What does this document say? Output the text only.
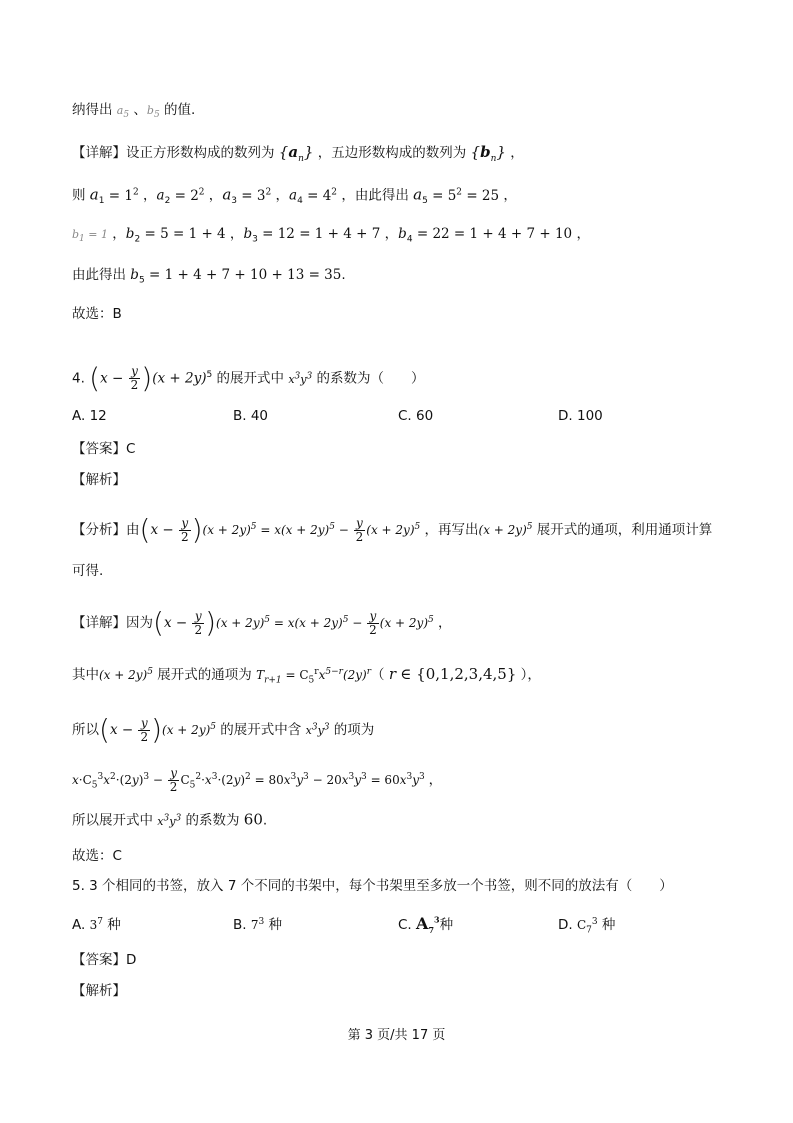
纳得出 $a_5$ 、$b_5$ 的值.
【详解】设正方形数构成的数列为 $\{a_n\}$ ，五边形数构成的数列为 $\{b_n\}$ ，
则 $a_1 = 1^2$ ，$a_2 = 2^2$ ，$a_3 = 3^2$ ，$a_4 = 4^2$ ，由此得出 $a_5 = 5^2 = 25$ ，
$b_1 = 1$ ，$b_2 = 5 = 1 + 4$ ，$b_3 = 12 = 1 + 4 + 7$ ，$b_4 = 22 = 1 + 4 + 7 + 10$ ，
由此得出 $b_5 = 1 + 4 + 7 + 10 + 13 = 35$.
故选：B
4. $(x - \frac{y}{2} )(x + 2y)^5$ 的展开式中 $x^3y^3$ 的系数为（　　）
A. 12	B. 40	C. 60	D. 100
【答案】C
【解析】
【分析】由$(x - \frac{y}{2} )(x + 2y)^5 = x(x + 2y)^5 - \frac{y}{2} (x + 2y)^5$ ，再写出$(x + 2y)^5$ 展开式的通项，利用通项计算
可得.
【详解】因为$(x - \frac{y}{2} )(x + 2y)^5 = x(x + 2y)^5 - \frac{y}{2} (x + 2y)^5$ ，
其中$(x + 2y)^5$ 展开式的通项为 $T_{r+1} = C_5^rx^{5-r}(2y)^r$（ r ∈ {0,1,2,3,4,5} ），
所以$(x - \frac{y}{2} )(x + 2y)^5$ 的展开式中含 $x^3y^3$ 的项为
$x\cdot C_5^3x^2\cdot(2y)^3 - \frac{y}{2} C_5^2\cdot x^3\cdot(2y)^2 = 80x^3y^3 - 20x^3y^3 = 60x^3y^3$ ，
所以展开式中 $x^3y^3$ 的系数为 60.
故选：C
5. 3 个相同的书签，放入 7 个不同的书架中，每个书架里至多放一个书签，则不同的放法有（　　）
A. $3^7$ 种	B. $7^3$ 种	C. $A_7^3$种	D. $C_7^3$ 种
【答案】D
【解析】
第 3 页/共 17 页
